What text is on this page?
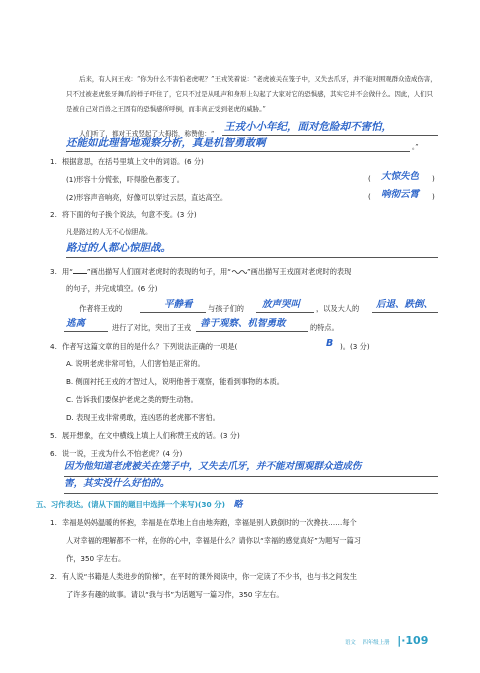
后来，有人问王戎：“你为什么不害怕老虎呢？”王戎笑着说：“老虎被关在笼子中，又失去爪牙，并不能对围观群众造成伤害，只不过被老虎张牙舞爪的样子吓住了，它只不过是从吼声和身形上勾起了大家对它的恐惧感，其实它并不会做什么。因此，人们只是被自己对百兽之王固有的恐惧感所呼倒，而非真正受到老虎的威胁。”
人们听了，都对王戎竖起了大拇指，称赞他：“
王戎小小年纪，面对危险却不害怕，
还能如此理智地观察分析，真是机智勇敢啊	。”
1. 根据意思，在括号里填上文中的词语。(6 分)
(1)形容十分慌张，吓得脸色都变了。	( 大惊失色 )
(2)形容声音响亮，好像可以穿过云层，直达高空。	( 响彻云霄 )
2. 将下面的句子换个说法，句意不变。(3 分)
凡是路过的人无不心惊胆战。
路过的人都心惊胆战。
3. 用“ ”画出描写人们面对老虎时的表现的句子，用“ ”画出描写王戎面对老虎时的表现
的句子，并完成填空。(6 分)
作者将王戎的	平静看 与孩子们的 放声哭叫 ，以及大人的 后退、跌倒、
逃离	进行了对比，突出了王戎 善于观察、机智勇敢	的特点。
4. 作者写这篇文章的目的是什么？下列说法正确的一项是(	B )。(3 分)
A. 说明老虎非常可怕，人们害怕是正常的。
B. 侧面衬托王戎的才智过人，说明他善于观察，能看到事物的本质。
C. 告诉我们要保护老虎之类的野生动物。
D. 表现王戎非常勇敢，连凶恶的老虎都不害怕。
5. 展开想象，在文中横线上填上人们称赞王戎的话。(3 分)
6. 说一说，王戎为什么不怕老虎？(4 分)
因为他知道老虎被关在笼子中，又失去爪牙，并不能对围观群众造成伤
害，其实没什么好怕的。
五、习作表达。(请从下面的题目中选择一个来写)(30 分) 略
1. 幸福是妈妈温暖的怀抱，幸福是在草地上自由地奔跑，幸福是别人跌倒时的一次搀扶……每个
人对幸福的理解都不一样，在你的心中，幸福是什么？请你以“幸福的感觉真好”为题写一篇习
作，350 字左右。
2. 有人说“书籍是人类进步的阶梯”，在平时的课外阅读中，你一定读了不少书，也与书之间发生
了许多有趣的故事。请以“我与书”为话题写一篇习作，350 字左右。
语文 四年级上册 |·109
